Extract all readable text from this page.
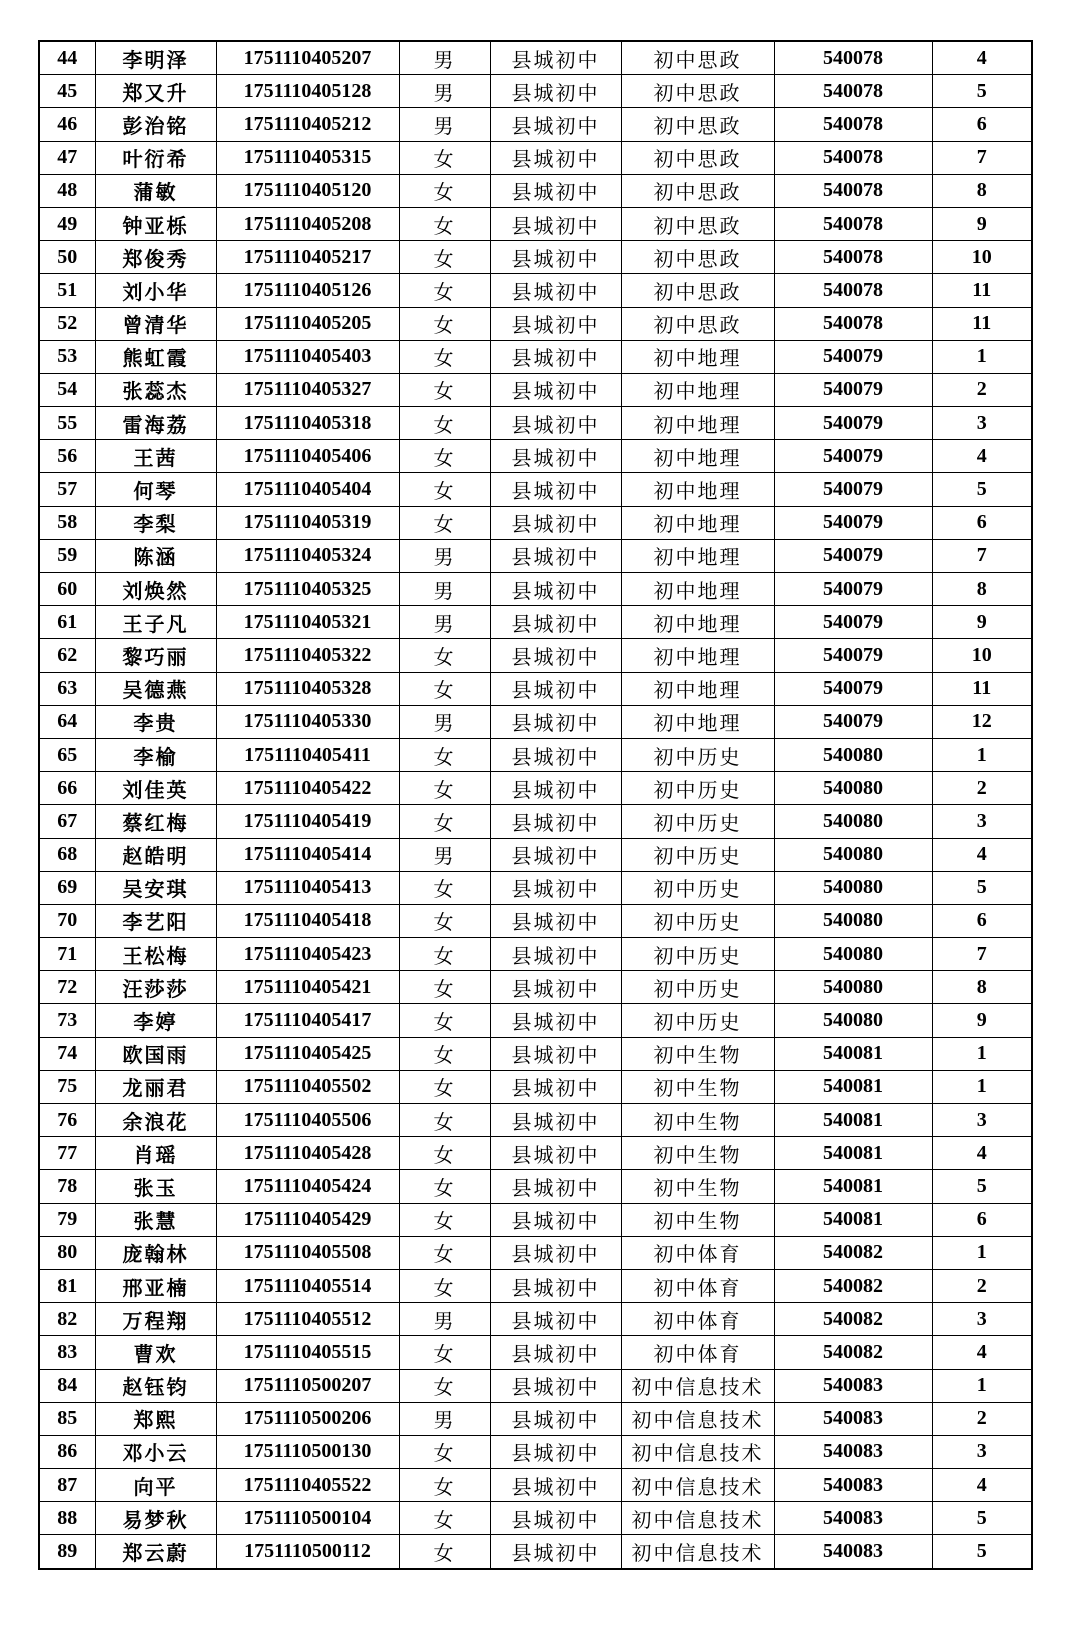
44	李明泽	1751110405207	男	县城初中	初中思政	540078	4
45	郑又升	1751110405128	男	县城初中	初中思政	540078	5
46	彭治铭	1751110405212	男	县城初中	初中思政	540078	6
47	叶衍希	1751110405315	女	县城初中	初中思政	540078	7
48	蒲敏	1751110405120	女	县城初中	初中思政	540078	8
49	钟亚栎	1751110405208	女	县城初中	初中思政	540078	9
50	郑俊秀	1751110405217	女	县城初中	初中思政	540078	10
51	刘小华	1751110405126	女	县城初中	初中思政	540078	11
52	曾清华	1751110405205	女	县城初中	初中思政	540078	11
53	熊虹霞	1751110405403	女	县城初中	初中地理	540079	1
54	张蕊杰	1751110405327	女	县城初中	初中地理	540079	2
55	雷海荔	1751110405318	女	县城初中	初中地理	540079	3
56	王茜	1751110405406	女	县城初中	初中地理	540079	4
57	何琴	1751110405404	女	县城初中	初中地理	540079	5
58	李梨	1751110405319	女	县城初中	初中地理	540079	6
59	陈涵	1751110405324	男	县城初中	初中地理	540079	7
60	刘焕然	1751110405325	男	县城初中	初中地理	540079	8
61	王子凡	1751110405321	男	县城初中	初中地理	540079	9
62	黎巧丽	1751110405322	女	县城初中	初中地理	540079	10
63	吴德燕	1751110405328	女	县城初中	初中地理	540079	11
64	李贵	1751110405330	男	县城初中	初中地理	540079	12
65	李榆	1751110405411	女	县城初中	初中历史	540080	1
66	刘佳英	1751110405422	女	县城初中	初中历史	540080	2
67	蔡红梅	1751110405419	女	县城初中	初中历史	540080	3
68	赵皓明	1751110405414	男	县城初中	初中历史	540080	4
69	吴安琪	1751110405413	女	县城初中	初中历史	540080	5
70	李艺阳	1751110405418	女	县城初中	初中历史	540080	6
71	王松梅	1751110405423	女	县城初中	初中历史	540080	7
72	汪莎莎	1751110405421	女	县城初中	初中历史	540080	8
73	李婷	1751110405417	女	县城初中	初中历史	540080	9
74	欧国雨	1751110405425	女	县城初中	初中生物	540081	1
75	龙丽君	1751110405502	女	县城初中	初中生物	540081	1
76	余浪花	1751110405506	女	县城初中	初中生物	540081	3
77	肖瑶	1751110405428	女	县城初中	初中生物	540081	4
78	张玉	1751110405424	女	县城初中	初中生物	540081	5
79	张慧	1751110405429	女	县城初中	初中生物	540081	6
80	庞翰林	1751110405508	女	县城初中	初中体育	540082	1
81	邢亚楠	1751110405514	女	县城初中	初中体育	540082	2
82	万程翔	1751110405512	男	县城初中	初中体育	540082	3
83	曹欢	1751110405515	女	县城初中	初中体育	540082	4
84	赵钰钧	1751110500207	女	县城初中	初中信息技术	540083	1
85	郑熙	1751110500206	男	县城初中	初中信息技术	540083	2
86	邓小云	1751110500130	女	县城初中	初中信息技术	540083	3
87	向平	1751110405522	女	县城初中	初中信息技术	540083	4
88	易梦秋	1751110500104	女	县城初中	初中信息技术	540083	5
89	郑云蔚	1751110500112	女	县城初中	初中信息技术	540083	5
